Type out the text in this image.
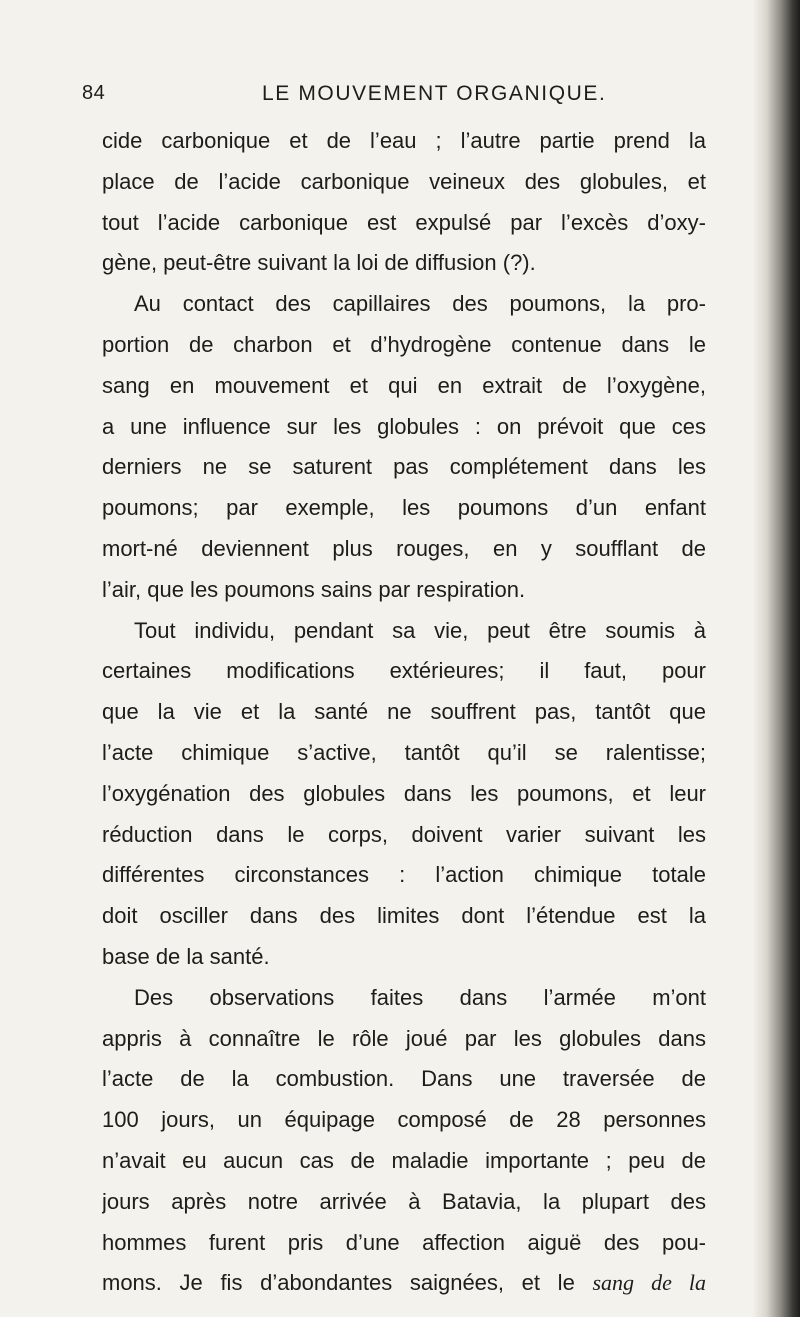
84	LE MOUVEMENT ORGANIQUE.
cide carbonique et de l’eau ; l’autre partie prend la
place de l’acide carbonique veineux des globules, et
tout l’acide carbonique est expulsé par l’excès d’oxy-
gène, peut-être suivant la loi de diffusion (?).
Au contact des capillaires des poumons, la pro-
portion de charbon et d’hydrogène contenue dans le
sang en mouvement et qui en extrait de l’oxygène,
a une influence sur les globules : on prévoit que ces
derniers ne se saturent pas complétement dans les
poumons; par exemple, les poumons d’un enfant
mort-né deviennent plus rouges, en y soufflant de
l’air, que les poumons sains par respiration.
Tout individu, pendant sa vie, peut être soumis à
certaines modifications extérieures; il faut, pour
que la vie et la santé ne souffrent pas, tantôt que
l’acte chimique s’active, tantôt qu’il se ralentisse;
l’oxygénation des globules dans les poumons, et leur
réduction dans le corps, doivent varier suivant les
différentes circonstances : l’action chimique totale
doit osciller dans des limites dont l’étendue est la
base de la santé.
Des observations faites dans l’armée m’ont
appris à connaître le rôle joué par les globules dans
l’acte de la combustion. Dans une traversée de
100 jours, un équipage composé de 28 personnes
n’avait eu aucun cas de maladie importante ; peu de
jours après notre arrivée à Batavia, la plupart des
hommes furent pris d’une affection aiguë des pou-
mons. Je fis d’abondantes saignées, et le sang de la
